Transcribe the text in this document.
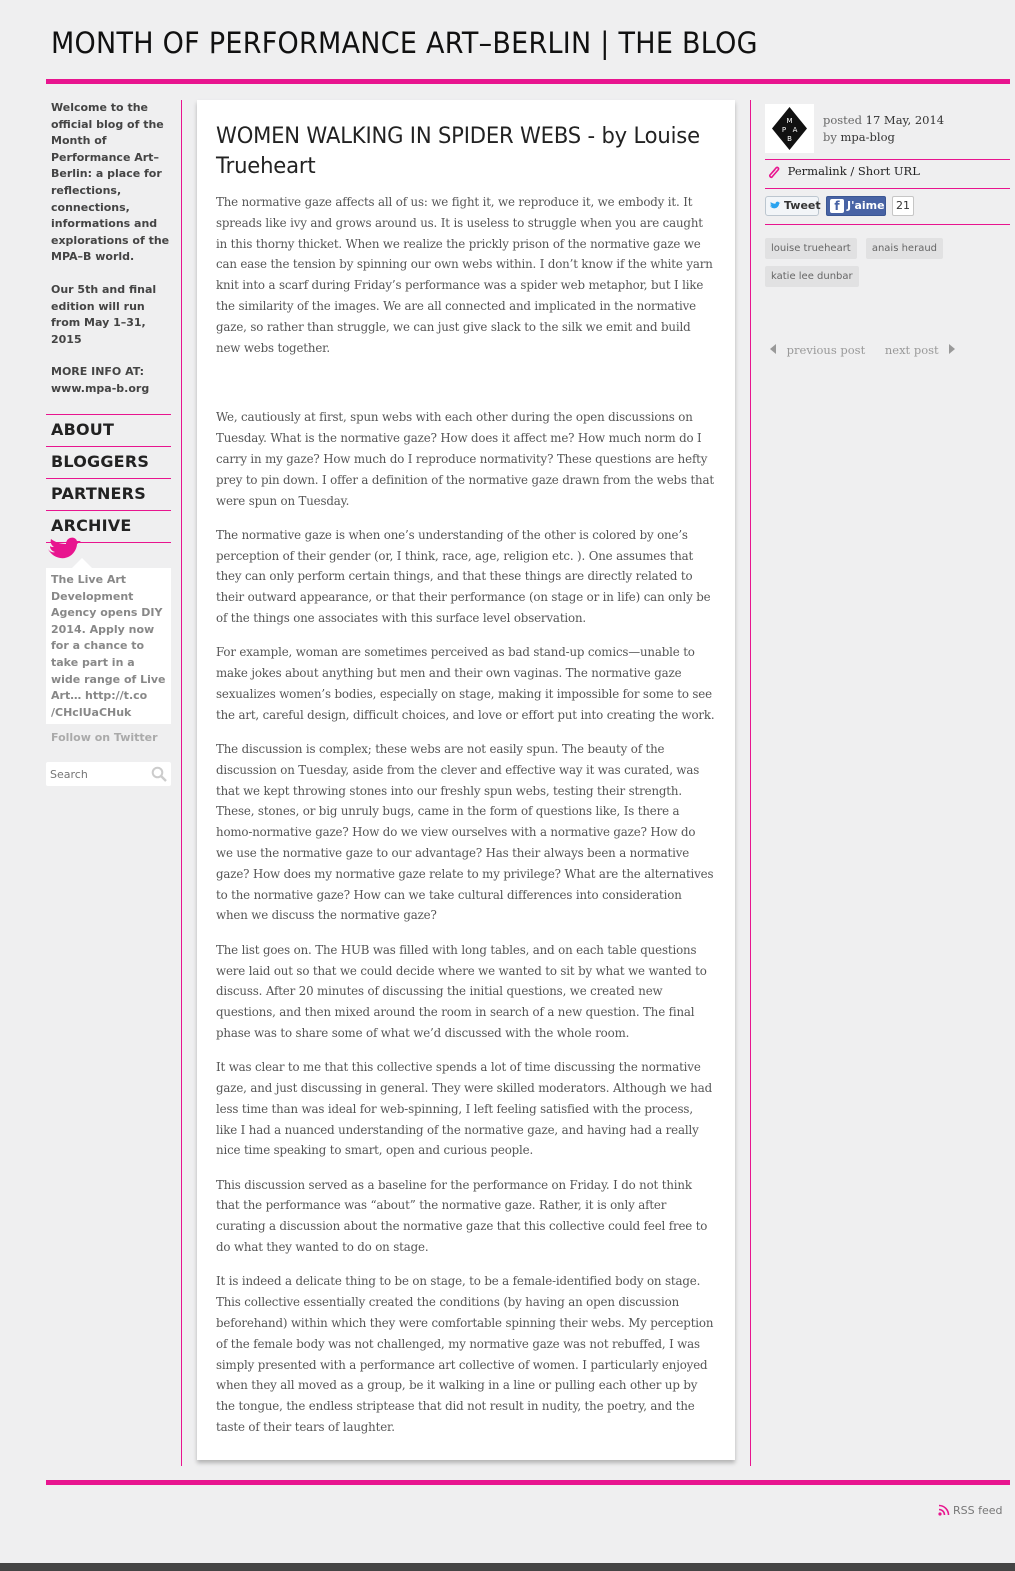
MONTH OF PERFORMANCE ART–BERLIN | THE BLOG

Welcome to the official blog of the Month of Performance Art–Berlin: a place for reflections, connections, informations and explorations of the MPA–B world.

Our 5th and final edition will run from May 1–31, 2015

MORE INFO AT:
www.mpa-b.org

ABOUT
BLOGGERS
PARTNERS
ARCHIVE
The Live Art Development Agency opens DIY 2014. Apply now for a chance to take part in a wide range of Live Art… http://t.co /CHclUaCHuk
Follow on Twitter
Search
WOMEN WALKING IN SPIDER WEBS - by Louise Trueheart

The normative gaze affects all of us: we fight it, we reproduce it, we embody it. It spreads like ivy and grows around us. It is useless to struggle when you are caught in this thorny thicket. When we realize the prickly prison of the normative gaze we can ease the tension by spinning our own webs within. I don’t know if the white yarn knit into a scarf during Friday’s performance was a spider web metaphor, but I like the similarity of the images. We are all connected and implicated in the normative gaze, so rather than struggle, we can just give slack to the silk we emit and build new webs together.

We, cautiously at first, spun webs with each other during the open discussions on Tuesday. What is the normative gaze? How does it affect me? How much norm do I carry in my gaze? How much do I reproduce normativity? These questions are hefty prey to pin down. I offer a definition of the normative gaze drawn from the webs that were spun on Tuesday.

The normative gaze is when one’s understanding of the other is colored by one’s perception of their gender (or, I think, race, age, religion etc. ). One assumes that they can only perform certain things, and that these things are directly related to their outward appearance, or that their performance (on stage or in life) can only be of the things one associates with this surface level observation.

For example, woman are sometimes perceived as bad stand-up comics—unable to make jokes about anything but men and their own vaginas. The normative gaze sexualizes women’s bodies, especially on stage, making it impossible for some to see the art, careful design, difficult choices, and love or effort put into creating the work.

The discussion is complex; these webs are not easily spun. The beauty of the discussion on Tuesday, aside from the clever and effective way it was curated, was that we kept throwing stones into our freshly spun webs, testing their strength. These, stones, or big unruly bugs, came in the form of questions like, Is there a homo-normative gaze? How do we view ourselves with a normative gaze? How do we use the normative gaze to our advantage? Has their always been a normative gaze? How does my normative gaze relate to my privilege? What are the alternatives to the normative gaze? How can we take cultural differences into consideration when we discuss the normative gaze?

The list goes on. The HUB was filled with long tables, and on each table questions were laid out so that we could decide where we wanted to sit by what we wanted to discuss. After 20 minutes of discussing the initial questions, we created new questions, and then mixed around the room in search of a new question. The final phase was to share some of what we’d discussed with the whole room.

It was clear to me that this collective spends a lot of time discussing the normative gaze, and just discussing in general. They were skilled moderators. Although we had less time than was ideal for web-spinning, I left feeling satisfied with the process, like I had a nuanced understanding of the normative gaze, and having had a really nice time speaking to smart, open and curious people.

This discussion served as a baseline for the performance on Friday. I do not think that the performance was “about” the normative gaze. Rather, it is only after curating a discussion about the normative gaze that this collective could feel free to do what they wanted to do on stage.

It is indeed a delicate thing to be on stage, to be a female-identified body on stage. This collective essentially created the conditions (by having an open discussion beforehand) within which they were comfortable spinning their webs. My perception of the female body was not challenged, my normative gaze was not rebuffed, I was simply presented with a performance art collective of women. I particularly enjoyed when they all moved as a group, be it walking in a line or pulling each other up by the tongue, the endless striptease that did not result in nudity, the poetry, and the taste of their tears of laughter.

M
P A
B
posted 17 May, 2014
by mpa-blog
Permalink / Short URL
Tweet	f J'aime	21
louise trueheart anais heraud katie lee dunbar
previous post next post
RSS feed
